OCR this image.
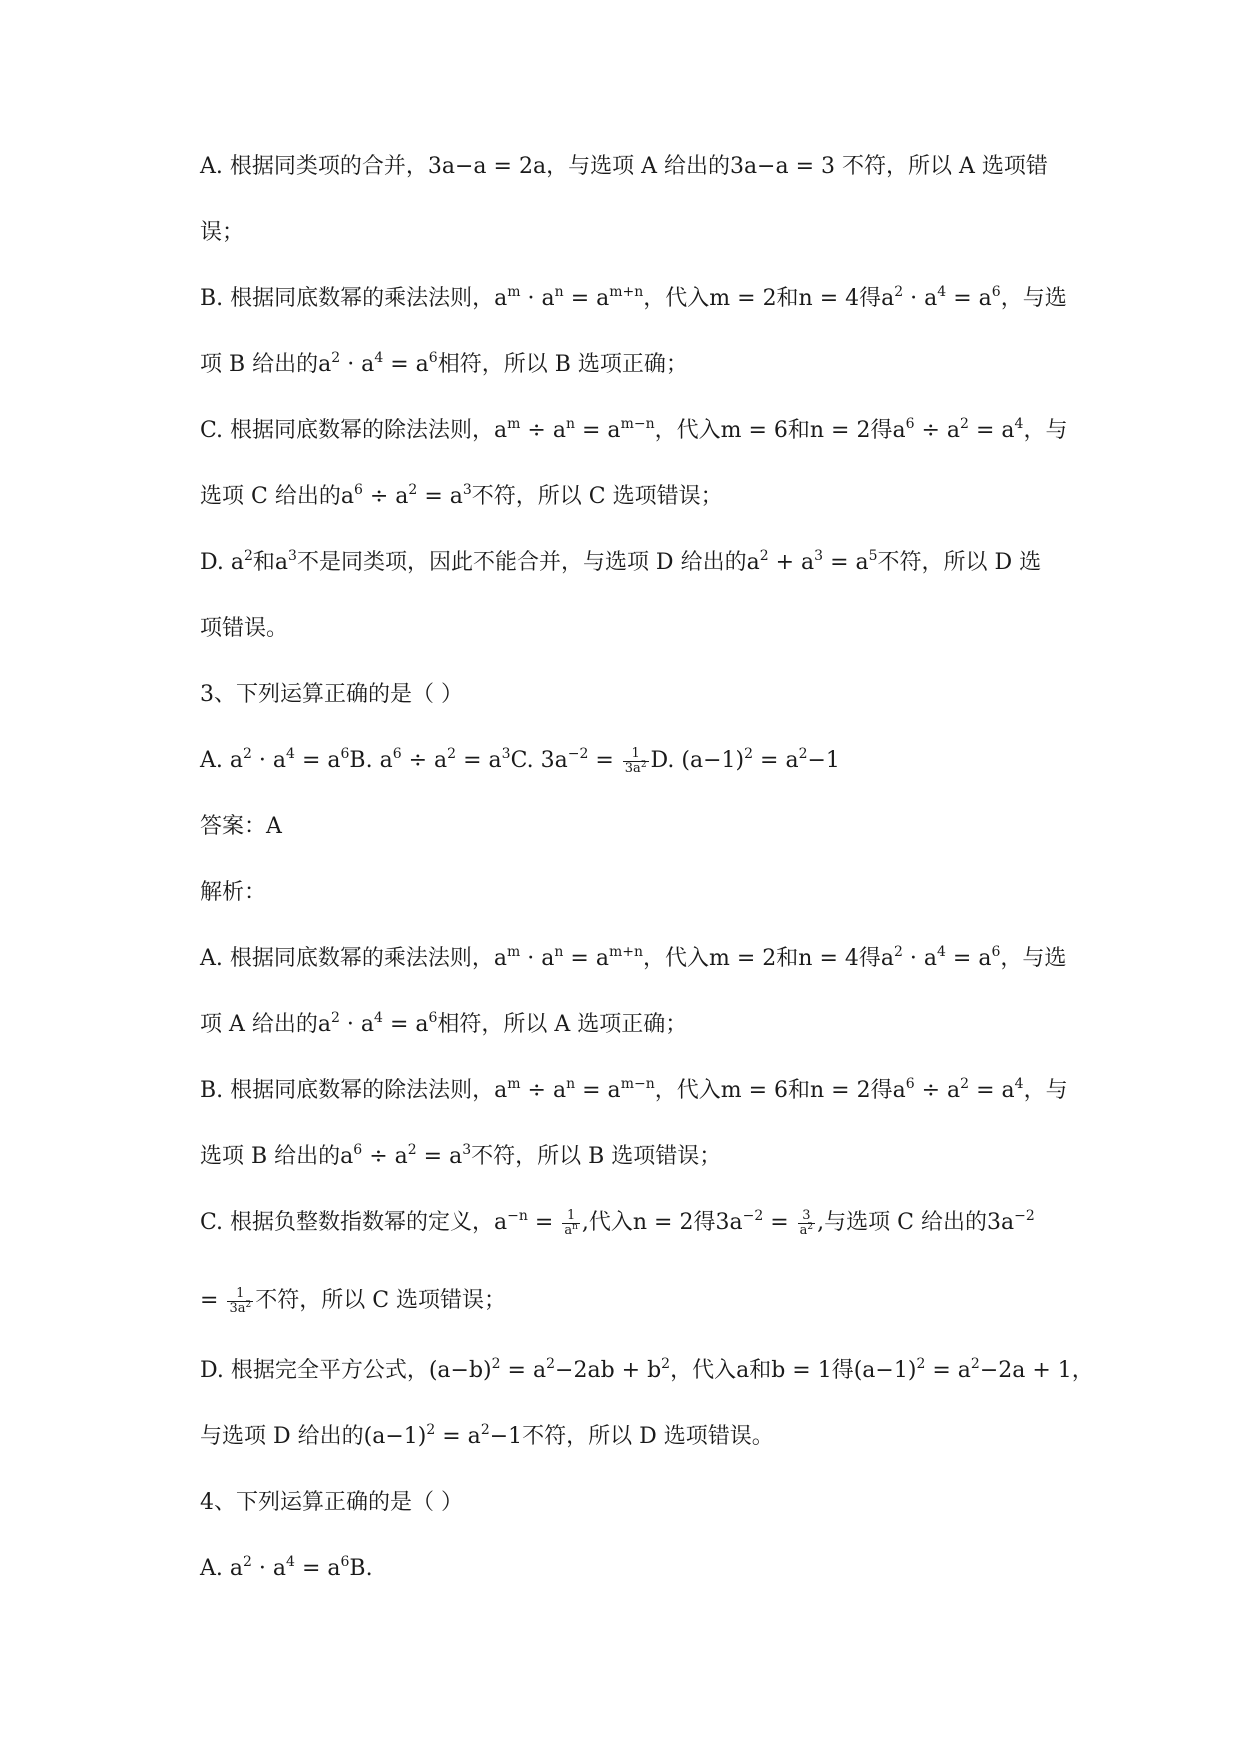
A. 根据同类项的合并，3a−a = 2a，与选项 A 给出的3a−a = 3 不符，所以 A 选项错
误；
B. 根据同底数幂的乘法法则，$a^m \cdot a^n = a^{m+n}$，代入m = 2和n = 4得$a^2 \cdot a^4 = a^6$，与选
项 B 给出的$a^2 \cdot a^4 = a^6$相符，所以 B 选项正确；
C. 根据同底数幂的除法法则，$a^m \div a^n = a^{m-n}$，代入m = 6和n = 2得$a^6 \div a^2 = a^4$，与
选项 C 给出的$a^6 \div a^2 = a^3$不符，所以 C 选项错误；
D. $a^2$和$a^3$不是同类项，因此不能合并，与选项 D 给出的$a^2 + a^3 = a^5$不符，所以 D 选
项错误。
3、下列运算正确的是（ ）
A. $a^2 \cdot a^4 = a^6B$. $a^6 \div a^2 = a^3C$. $3a^{-2} = \frac{1}{3a^2} D$. $(a-1)^2 = a^2-1$
答案：A
解析：
A. 根据同底数幂的乘法法则，$a^m \cdot a^n = a^{m+n}$，代入m = 2和n = 4得$a^2 \cdot a^4 = a^6$，与选
项 A 给出的$a^2 \cdot a^4 = a^6$相符，所以 A 选项正确；
B. 根据同底数幂的除法法则，$a^m \div a^n = a^{m-n}$，代入m = 6和n = 2得$a^6 \div a^2 = a^4$，与
选项 B 给出的$a^6 \div a^2 = a^3$不符，所以 B 选项错误；
C. 根据负整数指数幂的定义，$a^{-n} = \frac{1}{a^n}$ ,代入n = 2得$3a^{-2} = \frac{3}{a^2}$ ,与选项 C 给出的$3a^{-2}$
= $\frac{1}{3a^2}$ 不符，所以 C 选项错误；
D. 根据完全平方公式，$(a-b)^2 = a^2-2ab + b^2$，代入a和b = 1得$(a-1)^2 = a^2-2a + 1$，
与选项 D 给出的$(a-1)^2 = a^2-1$不符，所以 D 选项错误。
4、下列运算正确的是（ ）
A. $a^2 \cdot a^4 = a^6B$.
